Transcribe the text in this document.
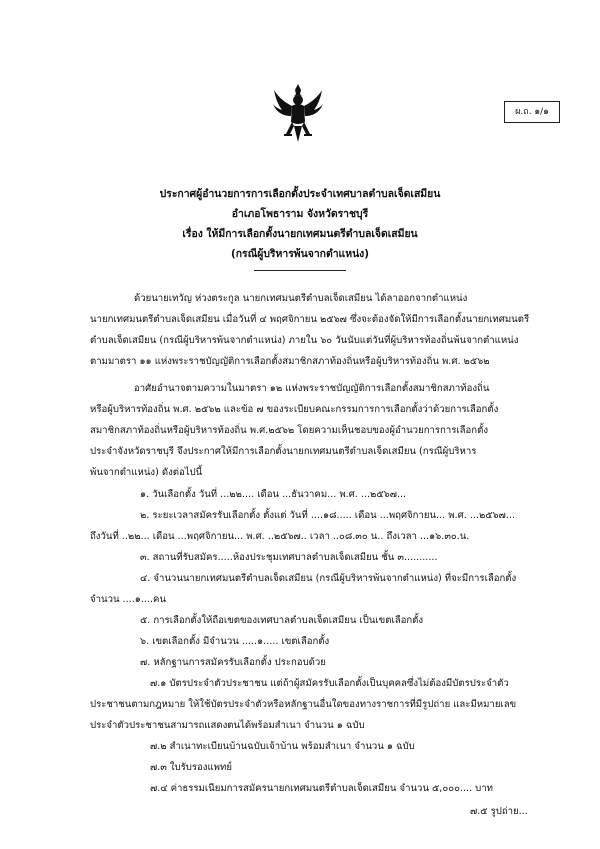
ผ.ถ. ๑/๑
ประกาศผู้อำนวยการการเลือกตั้งประจำเทศบาลตำบลเจ็ดเสมียน
อำเภอโพธาราม จังหวัดราชบุรี
เรื่อง ให้มีการเลือกตั้งนายกเทศมนตรีตำบลเจ็ดเสมียน
(กรณีผู้บริหารพ้นจากตำแหน่ง)
ด้วยนายเทวัญ ห่วงตระกูล นายกเทศมนตรีตำบลเจ็ดเสมียน ได้ลาออกจากตำแหน่ง
นายกเทศมนตรีตำบลเจ็ดเสมียน เมื่อวันที่ ๔ พฤศจิกายน ๒๕๖๗ ซึ่งจะต้องจัดให้มีการเลือกตั้งนายกเทศมนตรี
ตำบลเจ็ดเสมียน (กรณีผู้บริหารพ้นจากตำแหน่ง) ภายใน ๖๐ วันนับแต่วันที่ผู้บริหารท้องถิ่นพ้นจากตำแหน่ง
ตามมาตรา ๑๑ แห่งพระราชบัญญัติการเลือกตั้งสมาชิกสภาท้องถิ่นหรือผู้บริหารท้องถิ่น พ.ศ. ๒๕๖๒
อาศัยอำนาจตามความในมาตรา ๑๒ แห่งพระราชบัญญัติการเลือกตั้งสมาชิกสภาท้องถิ่น
หรือผู้บริหารท้องถิ่น พ.ศ. ๒๕๖๒ และข้อ ๗ ของระเบียบคณะกรรมการการเลือกตั้งว่าด้วยการเลือกตั้ง
สมาชิกสภาท้องถิ่นหรือผู้บริหารท้องถิ่น พ.ศ.๒๕๖๒ โดยความเห็นชอบของผู้อำนวยการการเลือกตั้ง
ประจำจังหวัดราชบุรี จึงประกาศให้มีการเลือกตั้งนายกเทศมนตรีตำบลเจ็ดเสมียน (กรณีผู้บริหาร
พ้นจากตำแหน่ง) ดังต่อไปนี้
๑. วันเลือกตั้ง วันที่ ...๒๒.... เดือน ...ธันวาคม... พ.ศ. ...๒๕๖๗...
๒. ระยะเวลาสมัครรับเลือกตั้ง ตั้งแต่ วันที่ ....๑๘..... เดือน ...พฤศจิกายน... พ.ศ. ...๒๕๖๗...
ถึงวันที่ ..๒๒... เดือน ...พฤศจิกายน... พ.ศ. ..๒๕๖๗.. เวลา ..๐๘.๓๐ น.. ถึงเวลา ...๑๖.๓๐.น.
๓. สถานที่รับสมัคร.....ห้องประชุมเทศบาลตำบลเจ็ดเสมียน ชั้น ๓...........
๔. จำนวนนายกเทศมนตรีตำบลเจ็ดเสมียน (กรณีผู้บริหารพ้นจากตำแหน่ง) ที่จะมีการเลือกตั้ง
จำนวน ....๑....คน
๕. การเลือกตั้งให้ถือเขตของเทศบาลตำบลเจ็ดเสมียน เป็นเขตเลือกตั้ง
๖. เขตเลือกตั้ง มีจำนวน .....๑..... เขตเลือกตั้ง
๗. หลักฐานการสมัครรับเลือกตั้ง ประกอบด้วย
๗.๑ บัตรประจำตัวประชาชน แต่ถ้าผู้สมัครรับเลือกตั้งเป็นบุคคลซึ่งไม่ต้องมีบัตรประจำตัว
ประชาชนตามกฎหมาย ให้ใช้บัตรประจำตัวหรือหลักฐานอื่นใดของทางราชการที่มีรูปถ่าย และมีหมายเลข
ประจำตัวประชาชนสามารถแสดงตนได้พร้อมสำเนา จำนวน ๑ ฉบับ
๗.๒ สำเนาทะเบียนบ้านฉบับเจ้าบ้าน พร้อมสำเนา จำนวน ๑ ฉบับ
๗.๓ ใบรับรองแพทย์
๗.๔ ค่าธรรมเนียมการสมัครนายกเทศมนตรีตำบลเจ็ดเสมียน จำนวน ๕,๐๐๐.... บาท
๗.๕ รูปถ่าย...
